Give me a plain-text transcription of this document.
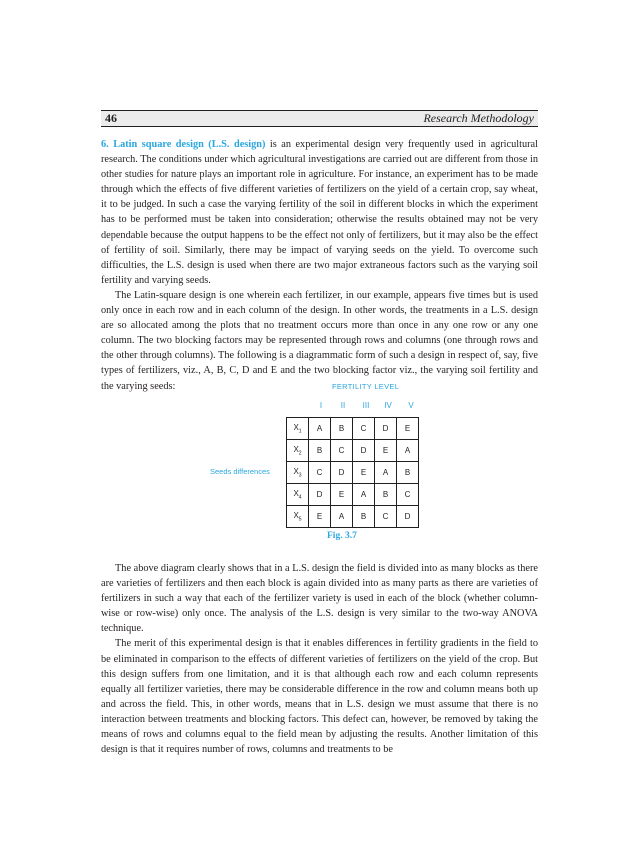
46	Research Methodology

6. Latin square design (L.S. design) is an experimental design very frequently used in agricultural research. The conditions under which agricultural investigations are carried out are different from those in other studies for nature plays an important role in agriculture. For instance, an experiment has to be made through which the effects of five different varieties of fertilizers on the yield of a certain crop, say wheat, it to be judged. In such a case the varying fertility of the soil in different blocks in which the experiment has to be performed must be taken into consideration; otherwise the results obtained may not be very dependable because the output happens to be the effect not only of fertilizers, but it may also be the effect of fertility of soil. Similarly, there may be impact of varying seeds on the yield. To overcome such difficulties, the L.S. design is used when there are two major extraneous factors such as the varying soil fertility and varying seeds.

The Latin-square design is one wherein each fertilizer, in our example, appears five times but is used only once in each row and in each column of the design. In other words, the treatments in a L.S. design are so allocated among the plots that no treatment occurs more than once in any one row or any one column. The two blocking factors may be represented through rows and columns (one through rows and the other through columns). The following is a diagrammatic form of such a design in respect of, say, five types of fertilizers, viz., A, B, C, D and E and the two blocking factor viz., the varying soil fertility and the varying seeds:	FERTILITY LEVEL
I	II	III	IV	V
Seeds differences
$X_1$	A	B	C	D	E
$X_2$	B	C	D	E	A
$X_3$	C	D	E	A	B
$X_4$	D	E	A	B	C
$X_5$	E	A	B	C	D
Fig. 3.7

The above diagram clearly shows that in a L.S. design the field is divided into as many blocks as there are varieties of fertilizers and then each block is again divided into as many parts as there are varieties of fertilizers in such a way that each of the fertilizer variety is used in each of the block (whether column-wise or row-wise) only once. The analysis of the L.S. design is very similar to the two-way ANOVA technique.

The merit of this experimental design is that it enables differences in fertility gradients in the field to be eliminated in comparison to the effects of different varieties of fertilizers on the yield of the crop. But this design suffers from one limitation, and it is that although each row and each column represents equally all fertilizer varieties, there may be considerable difference in the row and column means both up and across the field. This, in other words, means that in L.S. design we must assume that there is no interaction between treatments and blocking factors. This defect can, however, be removed by taking the means of rows and columns equal to the field mean by adjusting the results. Another limitation of this design is that it requires number of rows, columns and treatments to be
